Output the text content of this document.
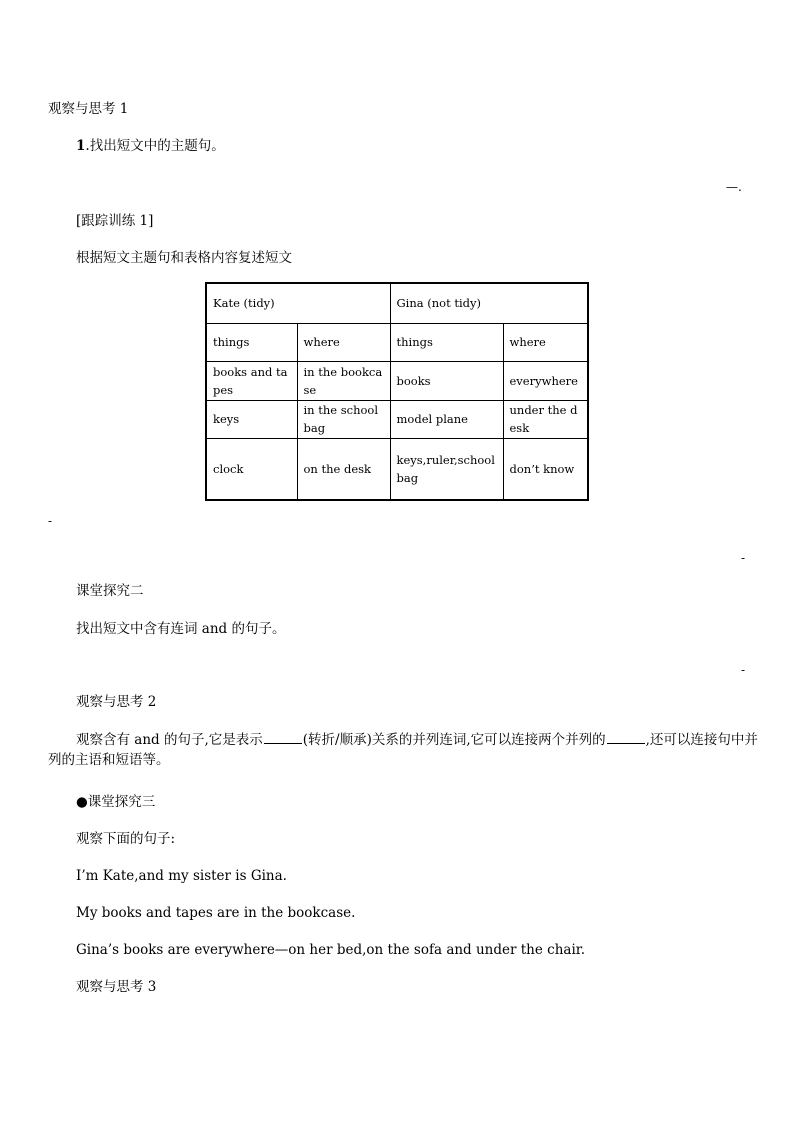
观察与思考 1
1.找出短文中的主题句。
—.
[跟踪训练 1]
根据短文主题句和表格内容复述短文
Kate (tidy)		Gina (not tidy)	
things	where	things	where
books and tapes	in the bookcase	books	everywhere
keys	in the schoolbag	model plane	under the desk
clock	on the desk	keys,ruler,schoolbag	don’t know
-
-
课堂探究二
找出短文中含有连词 and 的句子。
-
观察与思考 2
观察含有 and 的句子,它是表示	(转折/顺承)关系的并列连词,它可以连接两个并列的	,还可以连接句中并列的主语和短语等。
●课堂探究三
观察下面的句子:
I’m Kate,and my sister is Gina.
My books and tapes are in the bookcase.
Gina’s books are everywhere—on her bed,on the sofa and under the chair.
观察与思考 3
